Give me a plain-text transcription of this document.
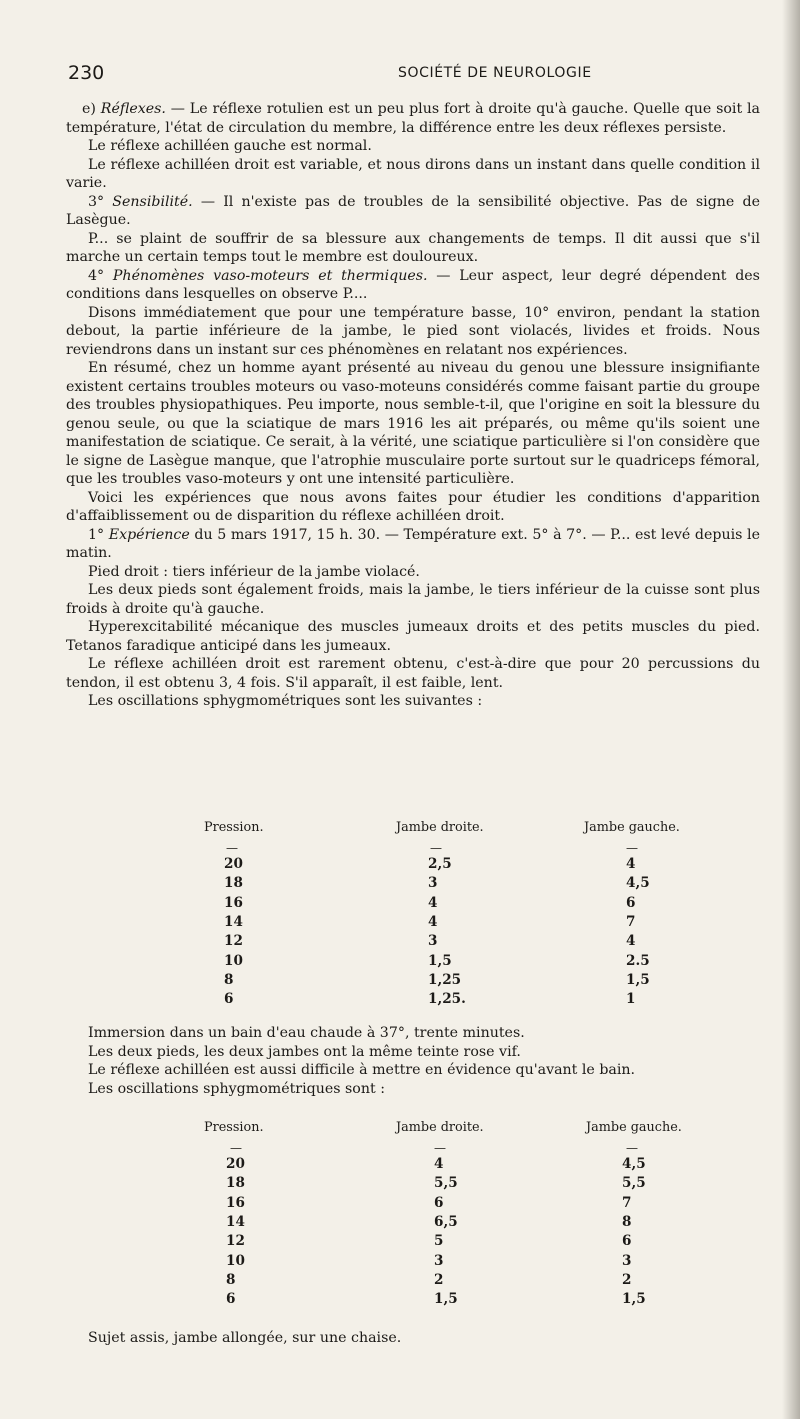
230	SOCIÉTÉ DE NEUROLOGIE

e) Réflexes. — Le réflexe rotulien est un peu plus fort à droite qu'à gauche. Quelle que soit la température, l'état de circulation du membre, la différence entre les deux réflexes persiste.

Le réflexe achilléen gauche est normal.

Le réflexe achilléen droit est variable, et nous dirons dans un instant dans quelle condition il varie.

3° Sensibilité. — Il n'existe pas de troubles de la sensibilité objective. Pas de signe de Lasègue.

P... se plaint de souffrir de sa blessure aux changements de temps. Il dit aussi que s'il marche un certain temps tout le membre est douloureux.

4° Phénomènes vaso-moteurs et thermiques. — Leur aspect, leur degré dépendent des conditions dans lesquelles on observe P....

Disons immédiatement que pour une température basse, 10° environ, pendant la station debout, la partie inférieure de la jambe, le pied sont violacés, livides et froids. Nous reviendrons dans un instant sur ces phénomènes en relatant nos expériences.

En résumé, chez un homme ayant présenté au niveau du genou une blessure insignifiante existent certains troubles moteurs ou vaso-moteuns considérés comme faisant partie du groupe des troubles physiopathiques. Peu importe, nous semble-t-il, que l'origine en soit la blessure du genou seule, ou que la sciatique de mars 1916 les ait préparés, ou même qu'ils soient une manifestation de sciatique. Ce serait, à la vérité, une sciatique particulière si l'on considère que le signe de Lasègue manque, que l'atrophie musculaire porte surtout sur le quadriceps fémoral, que les troubles vaso-moteurs y ont une intensité particulière.

Voici les expériences que nous avons faites pour étudier les conditions d'apparition d'affaiblissement ou de disparition du réflexe achilléen droit.

1° Expérience du 5 mars 1917, 15 h. 30. — Température ext. 5° à 7°. — P... est levé depuis le matin.

Pied droit : tiers inférieur de la jambe violacé.

Les deux pieds sont également froids, mais la jambe, le tiers inférieur de la cuisse sont plus froids à droite qu'à gauche.

Hyperexcitabilité mécanique des muscles jumeaux droits et des petits muscles du pied. Tetanos faradique anticipé dans les jumeaux.

Le réflexe achilléen droit est rarement obtenu, c'est-à-dire que pour 20 percussions du tendon, il est obtenu 3, 4 fois. S'il apparaît, il est faible, lent.

Les oscillations sphygmométriques sont les suivantes :

Pression.	Jambe droite.	Jambe gauche.
—	—	—
20	2,5	4
18	3	4,5
16	4	6
14	4	7
12	3	4
10	1,5	2.5
8	1,25	1,5
6	1,25.	1

Immersion dans un bain d'eau chaude à 37°, trente minutes.

Les deux pieds, les deux jambes ont la même teinte rose vif.

Le réflexe achilléen est aussi difficile à mettre en évidence qu'avant le bain.

Les oscillations sphygmométriques sont :

Pression.	Jambe droite.	Jambe gauche.
—	—	—
20	4	4,5
18	5,5	5,5
16	6	7
14	6,5	8
12	5	6
10	3	3
8	2	2
6	1,5	1,5
Sujet assis, jambe allongée, sur une chaise.
